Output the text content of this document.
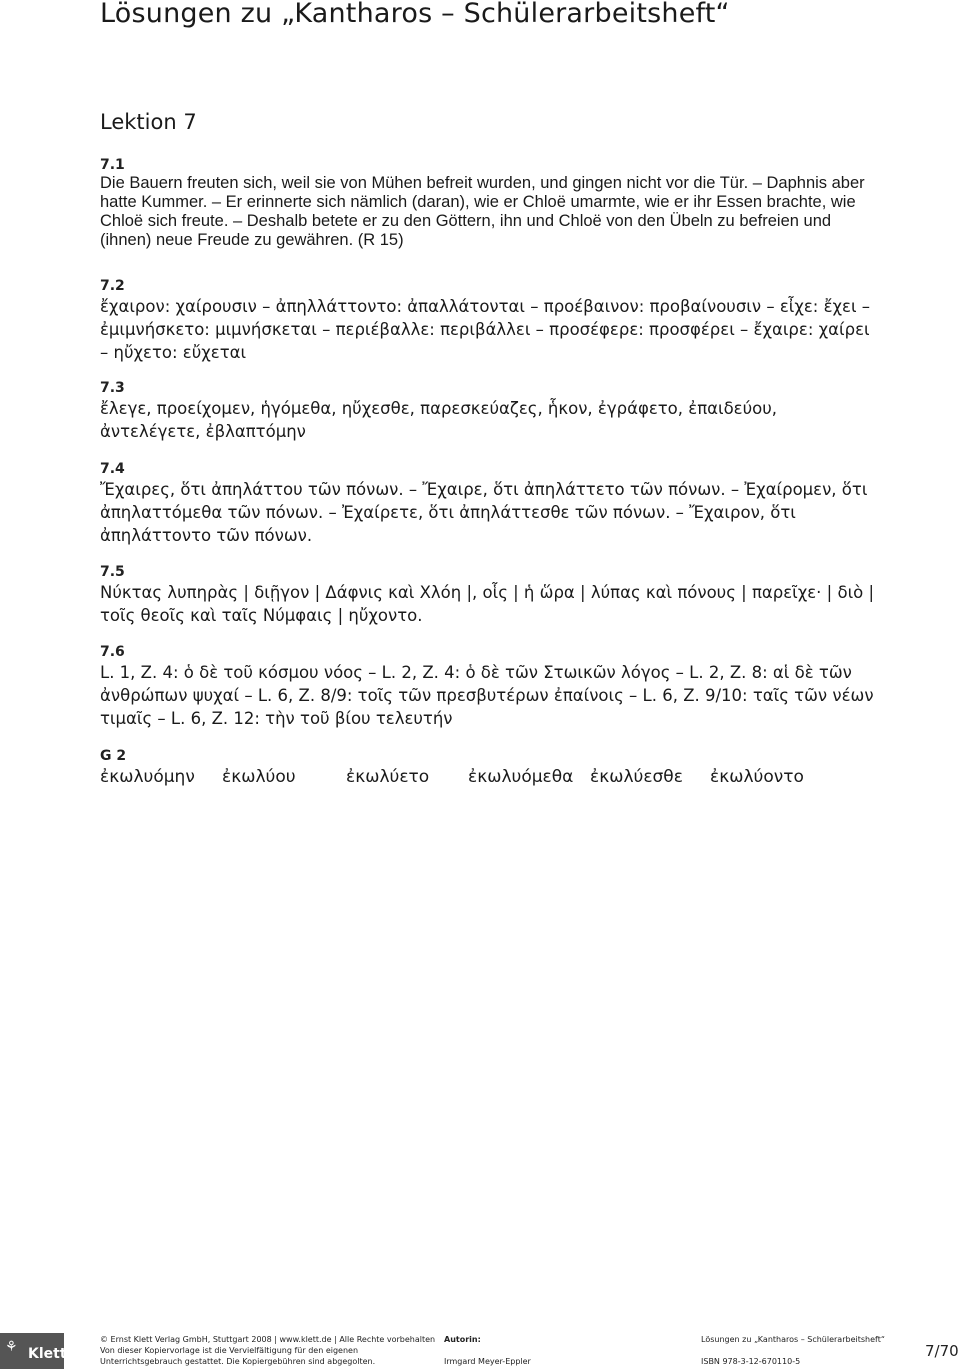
Lösungen zu „Kantharos – Schülerarbeitsheft“
Lektion 7
7.1
Die Bauern freuten sich, weil sie von Mühen befreit wurden, und gingen nicht vor die Tür. – Daphnis aber hatte Kummer. – Er erinnerte sich nämlich (daran), wie er Chloë umarmte, wie er ihr Essen brachte, wie Chloë sich freute. – Deshalb betete er zu den Göttern, ihn und Chloë von den Übeln zu befreien und (ihnen) neue Freude zu gewähren. (R 15)
7.2
ἔχαιρον: χαίρουσιν – ἀπηλλάττοντο: ἀπαλλάτονται – προέβαινον: προβαίνουσιν – εἶχε: ἔχει – ἐμιμνήσκετο: μιμνήσκεται – περιέβαλλε: περιβάλλει – προσέφερε: προσφέρει – ἔχαιρε: χαίρει – ηὔχετο: εὔχεται
7.3
ἔλεγε, προείχομεν, ἡγόμεθα, ηὔχεσθε, παρεσκεύαζες, ἧκον, ἐγράφετο, ἐπαιδεύου, ἀντελέγετε, ἐβλαπτόμην
7.4
Ἔχαιρες, ὅτι ἀπηλάττου τῶν πόνων. – Ἔχαιρε, ὅτι ἀπηλάττετο τῶν πόνων. – Ἐχαίρομεν, ὅτι ἀπηλαττόμεθα τῶν πόνων. – Ἐχαίρετε, ὅτι ἀπηλάττεσθε τῶν πόνων. – Ἔχαιρον, ὅτι ἀπηλάττοντο τῶν πόνων.
7.5
Νύκτας λυπηρὰς | διῇγον | Δάφνις καὶ Χλόη |, οἷς | ἡ ὥρα | λύπας καὶ πόνους | παρεῖχε· | διὸ | τοῖς θεοῖς καὶ ταῖς Νύμφαις | ηὔχοντο.
7.6
L. 1, Z. 4: ὁ δὲ τοῦ κόσμου νόος – L. 2, Z. 4: ὁ δὲ τῶν Στωικῶν λόγος – L. 2, Z. 8: αἱ δὲ τῶν ἀνθρώπων ψυχαί – L. 6, Z. 8/9: τοῖς τῶν πρεσβυτέρων ἐπαίνοις – L. 6, Z. 9/10: ταῖς τῶν νέων τιμαῖς – L. 6, Z. 12: τὴν τοῦ βίου τελευτήν
G 2
ἐκωλυόμην	ἐκωλύου	ἐκωλύετο	ἐκωλυόμεθα ἐκωλύεσθε	ἐκωλύοντο
⚘ Klett
© Ernst Klett Verlag GmbH, Stuttgart 2008 | www.klett.de | Alle Rechte vorbehalten
Von dieser Kopiervorlage ist die Vervielfältigung für den eigenen
Unterrichtsgebrauch gestattet. Die Kopiergebühren sind abgegolten.
Autorin:
Irmgard Meyer-Eppler
Lösungen zu „Kantharos – Schülerarbeitsheft“
ISBN 978-3-12-670110-5
7/70
